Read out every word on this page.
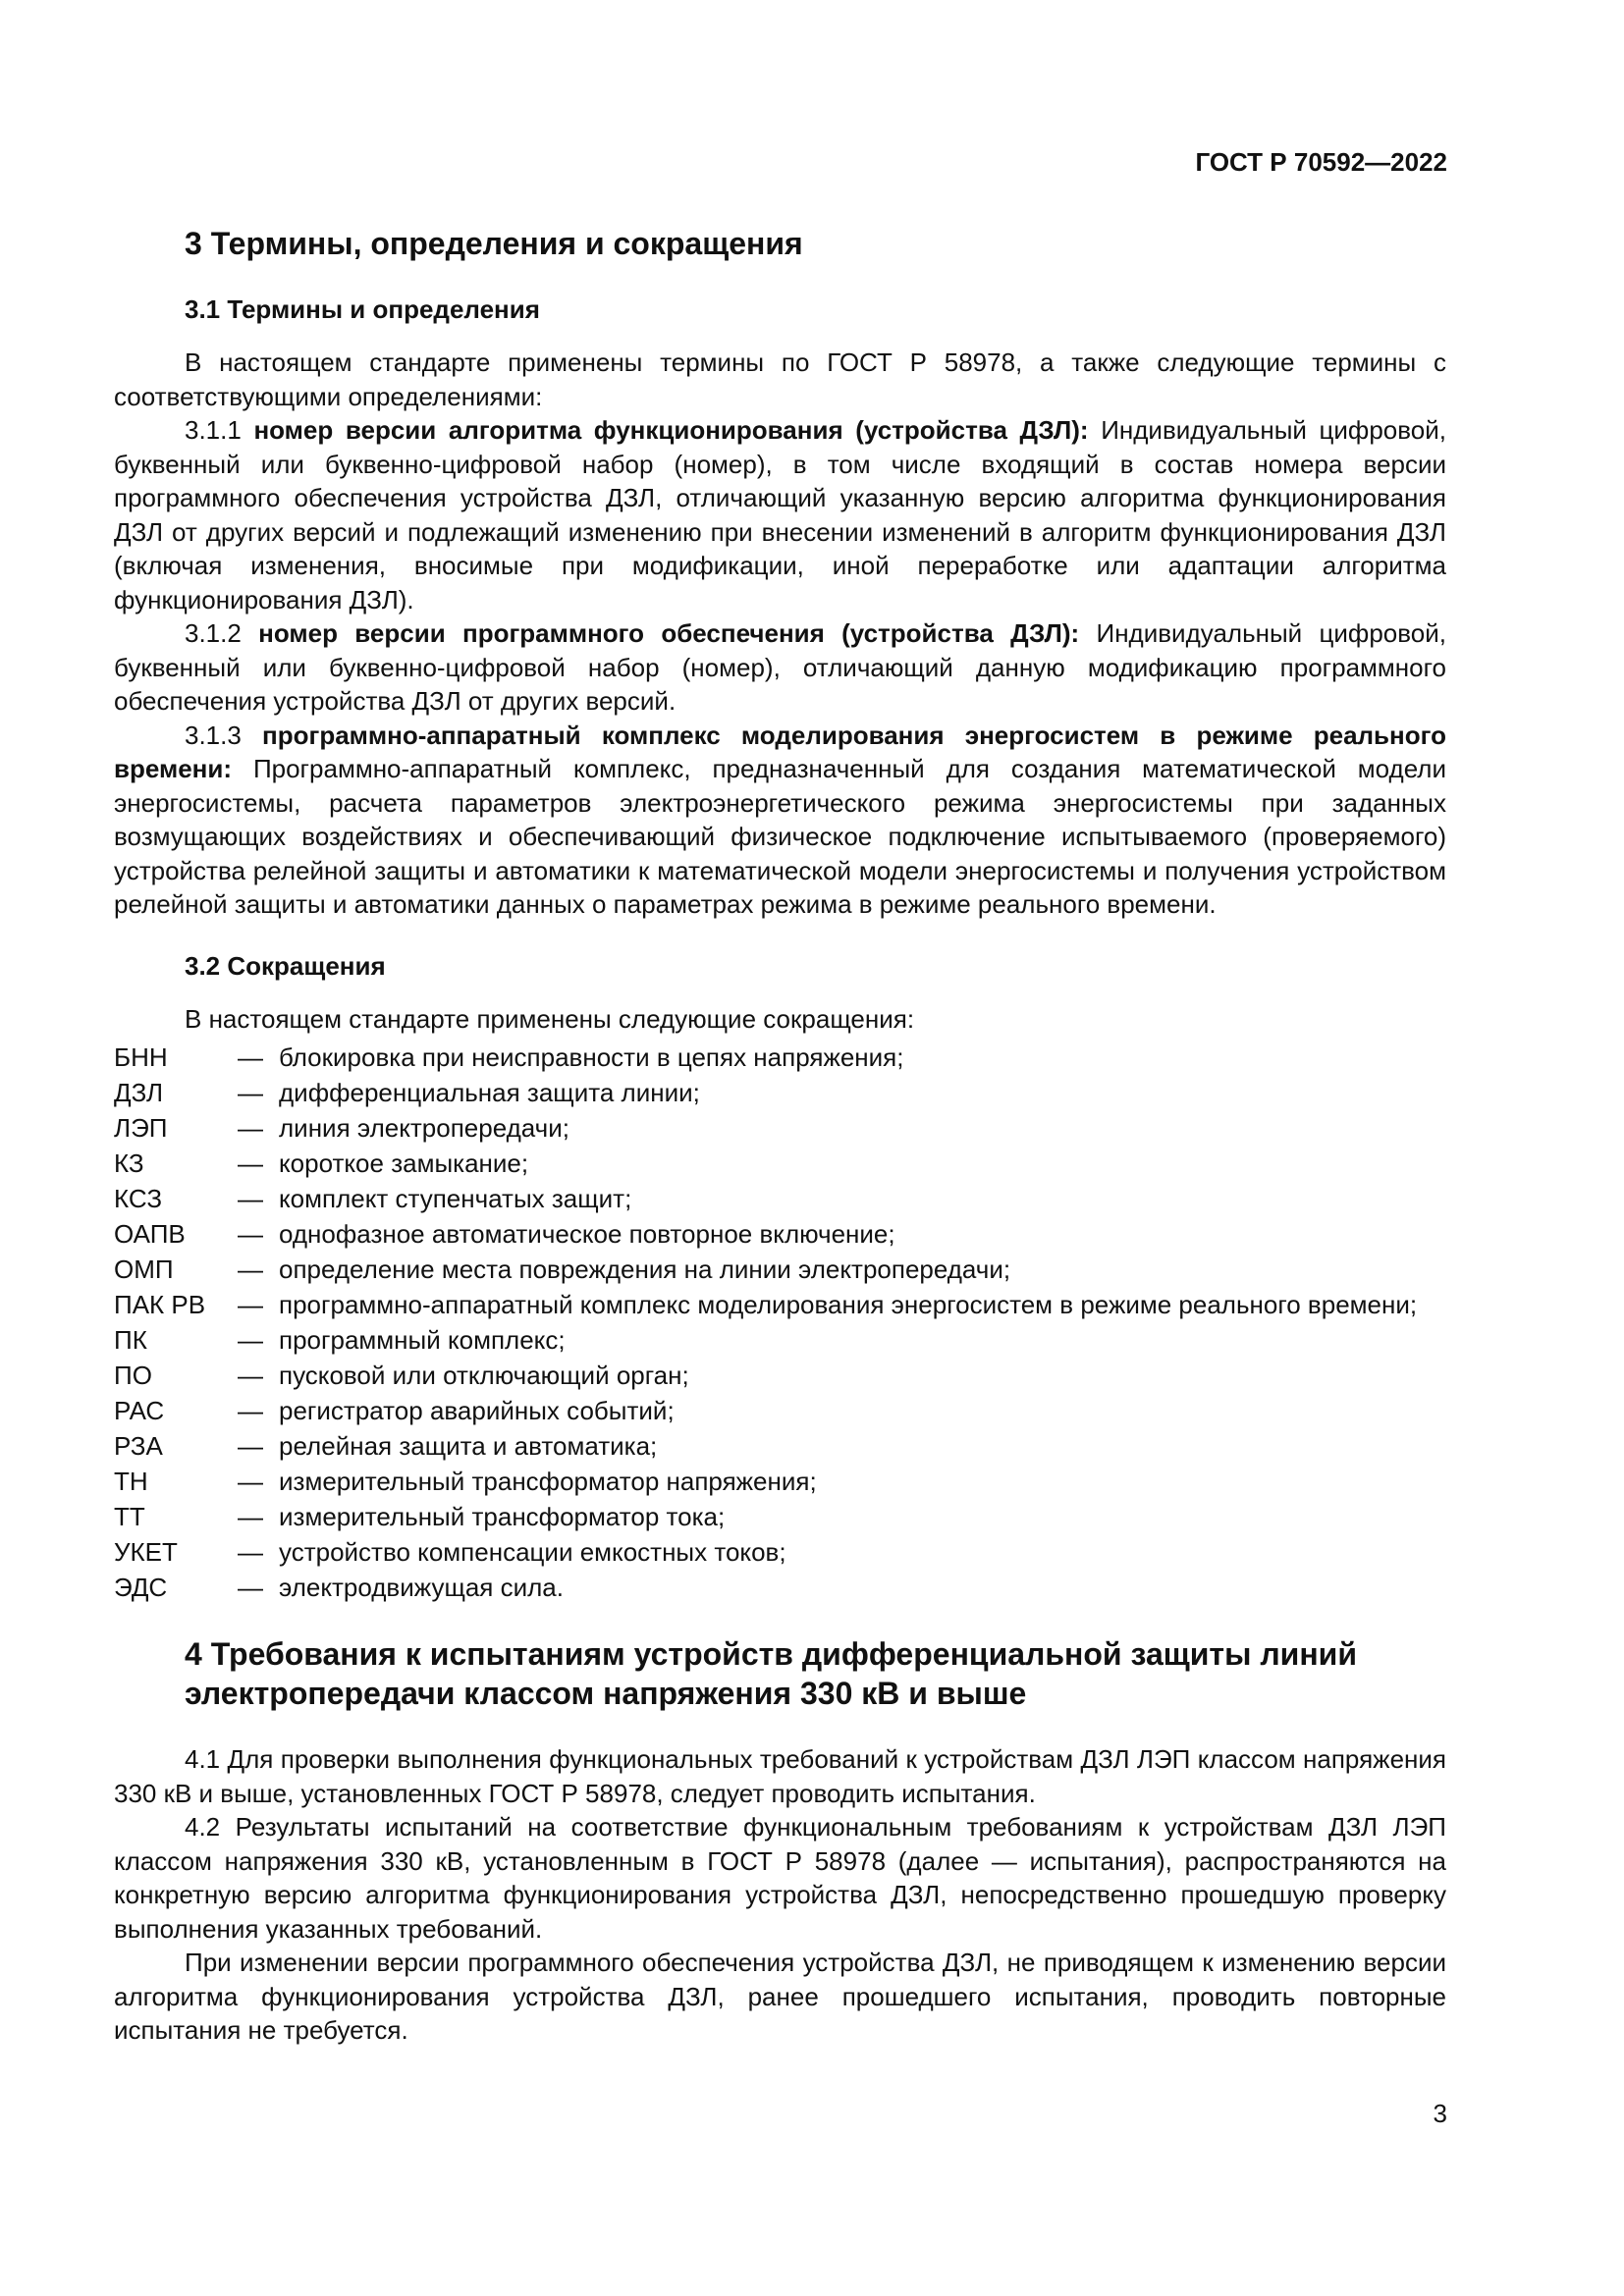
ГОСТ Р 70592—2022
3 Термины, определения и сокращения
3.1 Термины и определения

В настоящем стандарте применены термины по ГОСТ Р 58978, а также следующие термины с соответствующими определениями:

3.1.1 номер версии алгоритма функционирования (устройства ДЗЛ): Индивидуальный цифровой, буквенный или буквенно-цифровой набор (номер), в том числе входящий в состав номера версии программного обеспечения устройства ДЗЛ, отличающий указанную версию алгоритма функционирования ДЗЛ от других версий и подлежащий изменению при внесении изменений в алгоритм функционирования ДЗЛ (включая изменения, вносимые при модификации, иной переработке или адаптации алгоритма функционирования ДЗЛ).

3.1.2 номер версии программного обеспечения (устройства ДЗЛ): Индивидуальный цифровой, буквенный или буквенно-цифровой набор (номер), отличающий данную модификацию программного обеспечения устройства ДЗЛ от других версий.

3.1.3 программно-аппаратный комплекс моделирования энергосистем в режиме реального времени: Программно-аппаратный комплекс, предназначенный для создания математической модели энергосистемы, расчета параметров электроэнергетического режима энергосистемы при заданных возмущающих воздействиях и обеспечивающий физическое подключение испытываемого (проверяемого) устройства релейной защиты и автоматики к математической модели энергосистемы и получения устройством релейной защиты и автоматики данных о параметрах режима в режиме реального времени.

3.2 Сокращения

В настоящем стандарте применены следующие сокращения:

БНН	— блокировка при неисправности в цепях напряжения;
ДЗЛ	— дифференциальная защита линии;
ЛЭП	— линия электропередачи;
КЗ	— короткое замыкание;
КСЗ	— комплект ступенчатых защит;
ОАПВ	— однофазное автоматическое повторное включение;
ОМП	— определение места повреждения на линии электропередачи;
ПАК РВ	— программно-аппаратный комплекс моделирования энергосистем в режиме реального времени;
ПК	— программный комплекс;
ПО	— пусковой или отключающий орган;
РАС	— регистратор аварийных событий;
РЗА	— релейная защита и автоматика;
ТН	— измерительный трансформатор напряжения;
ТТ	— измерительный трансформатор тока;
УКЕТ	— устройство компенсации емкостных токов;
ЭДС	— электродвижущая сила.
4 Требования к испытаниям устройств дифференциальной защиты линий электропередачи классом напряжения 330 кВ и выше

4.1 Для проверки выполнения функциональных требований к устройствам ДЗЛ ЛЭП классом напряжения 330 кВ и выше, установленных ГОСТ Р 58978, следует проводить испытания.

4.2 Результаты испытаний на соответствие функциональным требованиям к устройствам ДЗЛ ЛЭП классом напряжения 330 кВ, установленным в ГОСТ Р 58978 (далее — испытания), распространяются на конкретную версию алгоритма функционирования устройства ДЗЛ, непосредственно прошедшую проверку выполнения указанных требований.

При изменении версии программного обеспечения устройства ДЗЛ, не приводящем к изменению версии алгоритма функционирования устройства ДЗЛ, ранее прошедшего испытания, проводить повторные испытания не требуется.

3
